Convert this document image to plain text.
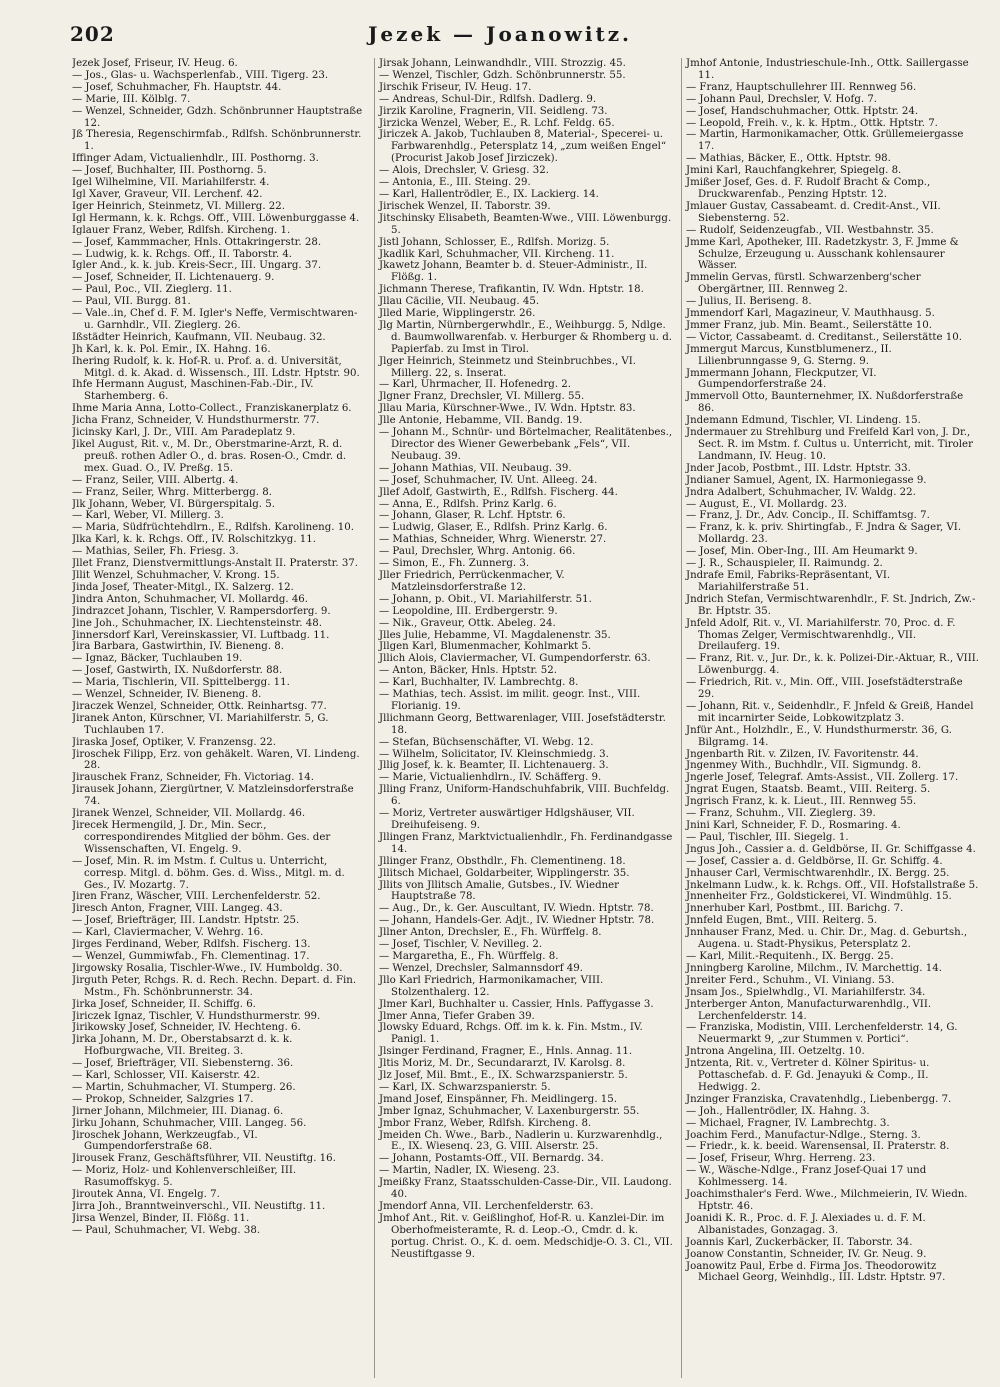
202	Jezek — Joanowitz.

Jezek Josef, Friseur, IV. Heug. 6.

— Jos., Glas- u. Wachsperlenfab., VIII. Tigerg. 23.

— Josef, Schuhmacher, Fh. Hauptstr. 44.

— Marie, III. Kölblg. 7.

— Wenzel, Schneider, Gdzh. Schönbrunner Hauptstraße 12.

Jß Theresia, Regenschirmfab., Rdlfsh. Schönbrunnerstr. 1.

Iffinger Adam, Victualienhdlr., III. Posthorng. 3.

— Josef, Buchhalter, III. Posthorng. 5.

Igel Wilhelmine, VII. Mariahilferstr. 4.

Igl Xaver, Graveur, VII. Lerchenf. 42.

Iger Heinrich, Steinmetz, VI. Millerg. 22.

Igl Hermann, k. k. Rchgs. Off., VIII. Löwenburggasse 4.

Iglauer Franz, Weber, Rdlfsh. Kircheng. 1.

— Josef, Kammmacher, Hnls. Ottakringerstr. 28.

— Ludwig, k. k. Rchgs. Off., II. Taborstr. 4.

Igler And., k. k. jub. Kreis-Secr., III. Ungarg. 37.

— Josef, Schneider, II. Lichtenauerg. 9.

— Paul, P.oc., VII. Zieglerg. 11.

— Paul, VII. Burgg. 81.

— Vale..in, Chef d. F. M. Igler's Neffe, Vermischtwaren- u. Garnhdlr., VII. Zieglerg. 26.

Ißstädter Heinrich, Kaufmann, VII. Neubaug. 32.

Jh Karl, k. k. Pol. Emir., IX. Hahng. 16.

Ihering Rudolf, k. k. Hof-R. u. Prof. a. d. Universität, Mitgl. d. k. Akad. d. Wissensch., III. Ldstr. Hptstr. 90.

Ihfe Hermann August, Maschinen-Fab.-Dir., IV. Starhemberg. 6.

Ihme Maria Anna, Lotto-Collect., Franziskanerplatz 6.

Jicha Franz, Schneider, V. Hundsthurmerstr. 77.

Jicinsky Karl, J. Dr., VIII. Am Paradeplatz 9.

Jikel August, Rit. v., M. Dr., Oberstmarine-Arzt, R. d. preuß. rothen Adler O., d. bras. Rosen-O., Cmdr. d. mex. Guad. O., IV. Preßg. 15.

— Franz, Seiler, VIII. Albertg. 4.

— Franz, Seiler, Whrg. Mitterbergg. 8.

Jlk Johann, Weber, VI. Bürgerspitalg. 5.

— Karl, Weber, VI. Millerg. 3.

— Maria, Südfrüchtehdlrn., E., Rdlfsh. Karolineng. 10.

Jlka Karl, k. k. Rchgs. Off., IV. Rolschitzkyg. 11.

— Mathias, Seiler, Fh. Friesg. 3.

Jllet Franz, Dienstvermittlungs-Anstalt II. Praterstr. 37.

Jllit Wenzel, Schuhmacher, V. Krong. 15.

Jinda Josef, Theater-Mitgl., IX. Salzerg. 12.

Jindra Anton, Schuhmacher, VI. Mollardg. 46.

Jindrazcet Johann, Tischler, V. Rampersdorferg. 9.

Jine Joh., Schuhmacher, IX. Liechtensteinstr. 48.

Jinnersdorf Karl, Vereinskassier, VI. Luftbadg. 11.

Jira Barbara, Gastwirthin, IV. Bieneng. 8.

— Ignaz, Bäcker, Tuchlauben 19.

— Josef, Gastwirth, IX. Nußdorferstr. 88.

— Maria, Tischlerin, VII. Spittelbergg. 11.

— Wenzel, Schneider, IV. Bieneng. 8.

Jiraczek Wenzel, Schneider, Ottk. Reinhartsg. 77.

Jiranek Anton, Kürschner, VI. Mariahilferstr. 5, G. Tuchlauben 17.

Jiraska Josef, Optiker, V. Franzensg. 22.

Jiroschek Filipp, Erz. von gehäkelt. Waren, VI. Lindeng. 28.

Jirauschek Franz, Schneider, Fh. Victoriag. 14.

Jirausek Johann, Ziergürtner, V. Matzleinsdorferstraße 74.

Jiranek Wenzel, Schneider, VII. Mollardg. 46.

Jirecek Hermengild, J. Dr., Min. Secr., correspondirendes Mitglied der böhm. Ges. der Wissenschaften, VI. Engelg. 9.

— Josef, Min. R. im Mstm. f. Cultus u. Unterricht, corresp. Mitgl. d. böhm. Ges. d. Wiss., Mitgl. m. d. Ges., IV. Mozartg. 7.

Jiren Franz, Wäscher, VIII. Lerchenfelderstr. 52.

Jiresch Anton, Fragner, VIII. Langeg. 43.

— Josef, Briefträger, III. Landstr. Hptstr. 25.

— Karl, Claviermacher, V. Wehrg. 16.

Jirges Ferdinand, Weber, Rdlfsh. Fischerg. 13.

— Wenzel, Gummiwfab., Fh. Clementinag. 17.

Jirgowsky Rosalia, Tischler-Wwe., IV. Humboldg. 30.

Jirguth Peter, Rchgs. R. d. Rech. Rechn. Depart. d. Fin. Mstm., Fh. Schönbrunnerstr. 34.

Jirka Josef, Schneider, II. Schiffg. 6.

Jiriczek Ignaz, Tischler, V. Hundsthurmerstr. 99.

Jirikowsky Josef, Schneider, IV. Hechteng. 6.

Jirka Johann, M. Dr., Oberstabsarzt d. k. k. Hofburgwache, VII. Breiteg. 3.

— Josef, Briefträger, VII. Siebensterng. 36.

— Karl, Schlosser, VII. Kaiserstr. 42.

— Martin, Schuhmacher, VI. Stumperg. 26.

— Prokop, Schneider, Salzgries 17.

Jirner Johann, Milchmeier, III. Dianag. 6.

Jirku Johann, Schuhmacher, VIII. Langeg. 56.

Jiroschek Johann, Werkzeugfab., VI. Gumpendorferstraße 68.

Jirousek Franz, Geschäftsführer, VII. Neustiftg. 16.

— Moriz, Holz- und Kohlenverschleißer, III. Rasumoffskyg. 5.

Jiroutek Anna, VI. Engelg. 7.

Jirra Joh., Branntweinverschl., VII. Neustiftg. 11.

Jirsa Wenzel, Binder, II. Flößg. 11.

— Paul, Schuhmacher, VI. Webg. 38.

Jirsak Johann, Leinwandhdlr., VIII. Strozzig. 45.

— Wenzel, Tischler, Gdzh. Schönbrunnerstr. 55.

Jirschik Friseur, IV. Heug. 17.

— Andreas, Schul-Dir., Rdlfsh. Dadlerg. 9.

Jirzik Karoline, Fragnerin, VII. Seidleng. 73.

Jirzicka Wenzel, Weber, E., R. Lchf. Feldg. 65.

Jiriczek A. Jakob, Tuchlauben 8, Material-, Specerei- u. Farbwarenhdlg., Petersplatz 14, „zum weißen Engel“ (Procurist Jakob Josef Jirziczek).

— Alois, Drechsler, V. Griesg. 32.

— Antonia, E., III. Steing. 29.

— Karl, Hallentrödler, E., IX. Lackierg. 14.

Jirischek Wenzel, II. Taborstr. 39.

Jitschinsky Elisabeth, Beamten-Wwe., VIII. Löwenburgg. 5.

Jistl Johann, Schlosser, E., Rdlfsh. Morizg. 5.

Jkadlik Karl, Schuhmacher, VII. Kircheng. 11.

Jkawetz Johann, Beamter b. d. Steuer-Administr., II. Flößg. 1.

Jichmann Therese, Trafikantin, IV. Wdn. Hptstr. 18.

Jllau Cäcilie, VII. Neubaug. 45.

Jlled Marie, Wipplingerstr. 26.

Jlg Martin, Nürnbergerwhdlr., E., Weihburgg. 5, Ndlge. d. Baumwollwarenfab. v. Herburger & Rhomberg u. d. Papierfab. zu Imst in Tirol.

Jlger Heinrich, Steinmetz und Steinbruchbes., VI. Millerg. 22, s. Inserat.

— Karl, Uhrmacher, II. Hofenedrg. 2.

Jlgner Franz, Drechsler, VI. Millerg. 55.

Jllau Maria, Kürschner-Wwe., IV. Wdn. Hptstr. 83.

Jlle Antonie, Hebamme, VII. Bandg. 19.

— Johann M., Schnür- und Börtelmacher, Realitätenbes., Director des Wiener Gewerbebank „Fels“, VII. Neubaug. 39.

— Johann Mathias, VII. Neubaug. 39.

— Josef, Schuhmacher, IV. Unt. Alleeg. 24.

Jllef Adolf, Gastwirth, E., Rdlfsh. Fischerg. 44.

— Anna, E., Rdlfsh. Prinz Karlg. 6.

— Johann, Glaser, R. Lchf. Hptstr. 6.

— Ludwig, Glaser, E., Rdlfsh. Prinz Karlg. 6.

— Mathias, Schneider, Whrg. Wienerstr. 27.

— Paul, Drechsler, Whrg. Antonig. 66.

— Simon, E., Fh. Zunnerg. 3.

Jller Friedrich, Perrückenmacher, V. Matzleinsdorferstraße 12.

— Johann, p. Obit., VI. Mariahilferstr. 51.

— Leopoldine, III. Erdbergerstr. 9.

— Nik., Graveur, Ottk. Abeleg. 24.

Jlles Julie, Hebamme, VI. Magdalenenstr. 35.

Jllgen Karl, Blumenmacher, Kohlmarkt 5.

Jllich Alois, Claviermacher, VI. Gumpendorferstr. 63.

— Anton, Bäcker, Hnls. Hptstr. 52.

— Karl, Buchhalter, IV. Lambrechtg. 8.

— Mathias, tech. Assist. im milit. geogr. Inst., VIII. Florianig. 19.

Jllichmann Georg, Bettwarenlager, VIII. Josefstädterstr. 18.

— Stefan, Büchsenschäfter, VI. Webg. 12.

— Wilhelm, Solicitator, IV. Kleinschmiedg. 3.

Jllig Josef, k. k. Beamter, II. Lichtenauerg. 3.

— Marie, Victualienhdlrn., IV. Schäfferg. 9.

Jlling Franz, Uniform-Handschuhfabrik, VIII. Buchfeldg. 6.

— Moriz, Vertreter auswärtiger Hdlgshäuser, VII. Dreihufeiseng. 9.

Jllingen Franz, Marktvictualienhdlr., Fh. Ferdinandgasse 14.

Jllinger Franz, Obsthdlr., Fh. Clementineng. 18.

Jllitsch Michael, Goldarbeiter, Wipplingerstr. 35.

Jllits von Jllitsch Amalie, Gutsbes., IV. Wiedner Hauptstraße 78.

— Aug., Dr., k. Ger. Auscultant, IV. Wiedn. Hptstr. 78.

— Johann, Handels-Ger. Adjt., IV. Wiedner Hptstr. 78.

Jllner Anton, Drechsler, E., Fh. Würffelg. 8.

— Josef, Tischler, V. Nevilleg. 2.

— Margaretha, E., Fh. Würffelg. 8.

— Wenzel, Drechsler, Salmannsdorf 49.

Jllo Karl Friedrich, Harmonikamacher, VIII. Stolzenthalerg. 12.

Jlmer Karl, Buchhalter u. Cassier, Hnls. Paffygasse 3.

Jlmer Anna, Tiefer Graben 39.

Jlowsky Eduard, Rchgs. Off. im k. k. Fin. Mstm., IV. Panigl. 1.

Jlsinger Ferdinand, Fragner, E., Hnls. Annag. 11.

Jltis Moriz, M. Dr., Secundararzt, IV. Karolsg. 8.

Jlz Josef, Mil. Bmt., E., IX. Schwarzspanierstr. 5.

— Karl, IX. Schwarzspanierstr. 5.

Jmand Josef, Einspänner, Fh. Meidlingerg. 15.

Jmber Ignaz, Schuhmacher, V. Laxenburgerstr. 55.

Jmbor Franz, Weber, Rdlfsh. Kircheng. 8.

Jmeiden Ch. Wwe., Barb., Nadlerin u. Kurzwarenhdlg., E., IX. Wiesenq. 23, G. VIII. Alserstr. 25.

— Johann, Postamts-Off., VII. Bernardg. 34.

— Martin, Nadler, IX. Wieseng. 23.

Jmeißky Franz, Staatsschulden-Casse-Dir., VII. Laudong. 40.

Jmendorf Anna, VII. Lerchenfelderstr. 63.

Jmhof Ant., Rit. v. Geißlinghof, Hof-R. u. Kanzlei-Dir. im Oberhofmeisteramte, R. d. Leop.-O., Cmdr. d. k. portug. Christ. O., K. d. oem. Medschidje-O. 3. Cl., VII. Neustiftgasse 9.

Jmhof Antonie, Industrieschule-Inh., Ottk. Saillergasse 11.

— Franz, Hauptschullehrer III. Rennweg 56.

— Johann Paul, Drechsler, V. Hofg. 7.

— Josef, Handschuhmacher, Ottk. Hptstr. 24.

— Leopold, Freih. v., k. k. Hptm., Ottk. Hptstr. 7.

— Martin, Harmonikamacher, Ottk. Grüllemeiergasse 17.

— Mathias, Bäcker, E., Ottk. Hptstr. 98.

Jmini Karl, Rauchfangkehrer, Spiegelg. 8.

Jmißer Josef, Ges. d. F. Rudolf Bracht & Comp., Druckwarenfab., Penzing Hptstr. 12.

Jmlauer Gustav, Cassabeamt. d. Credit-Anst., VII. Siebensterng. 52.

— Rudolf, Seidenzeugfab., VII. Westbahnstr. 35.

Jmme Karl, Apotheker, III. Radetzkystr. 3, F. Jmme & Schulze, Erzeugung u. Ausschank kohlensaurer Wässer.

Jmmelin Gervas, fürstl. Schwarzenberg'scher Obergärtner, III. Rennweg 2.

— Julius, II. Beriseng. 8.

Jmmendorf Karl, Magazineur, V. Mauthhausg. 5.

Jmmer Franz, jub. Min. Beamt., Seilerstätte 10.

— Victor, Cassabeamt. d. Creditanst., Seilerstätte 10.

Jmmergut Marcus, Kunstblumenerz., II. Lilienbrunngasse 9, G. Sterng. 9.

Jmmermann Johann, Fleckputzer, VI. Gumpendorferstraße 24.

Jmmervoll Otto, Baunternehmer, IX. Nußdorferstraße 86.

Jndemann Edmund, Tischler, VI. Lindeng. 15.

Jndermauer zu Strehlburg und Freifeld Karl von, J. Dr., Sect. R. im Mstm. f. Cultus u. Unterricht, mit. Tiroler Landmann, IV. Heug. 10.

Jnder Jacob, Postbmt., III. Ldstr. Hptstr. 33.

Jndianer Samuel, Agent, IX. Harmoniegasse 9.

Jndra Adalbert, Schuhmacher, IV. Waldg. 22.

— August, E., VI. Mollardg. 23.

— Franz, J. Dr., Adv. Concip., II. Schiffamtsg. 7.

— Franz, k. k. priv. Shirtingfab., F. Jndra & Sager, VI. Mollardg. 23.

— Josef, Min. Ober-Ing., III. Am Heumarkt 9.

— J. R., Schauspieler, II. Raimundg. 2.

Jndrafe Emil, Fabriks-Repräsentant, VI. Mariahilferstraße 51.

Jndrich Stefan, Vermischtwarenhdlr., F. St. Jndrich, Zw.-Br. Hptstr. 35.

Jnfeld Adolf, Rit. v., VI. Mariahilferstr. 70, Proc. d. F. Thomas Zelger, Vermischtwarenhdlg., VII. Dreilauferg. 19.

— Franz, Rit. v., Jur. Dr., k. k. Polizei-Dir.-Aktuar, R., VIII. Löwenburgg. 4.

— Friedrich, Rit. v., Min. Off., VIII. Josefstädterstraße 29.

— Johann, Rit. v., Seidenhdlr., F. Jnfeld & Greiß, Handel mit incarnirter Seide, Lobkowitzplatz 3.

Jnfür Ant., Holzhdlr., E., V. Hundsthurmerstr. 36, G. Bilgramg. 14.

Jngenbarth Rit. v. Zilzen, IV. Favoritenstr. 44.

Jngenmey With., Buchhdlr., VII. Sigmundg. 8.

Jngerle Josef, Telegraf. Amts-Assist., VII. Zollerg. 17.

Jngrat Eugen, Staatsb. Beamt., VIII. Reiterg. 5.

Jngrisch Franz, k. k. Lieut., III. Rennweg 55.

— Franz, Schuhm., VII. Zieglerg. 39.

Jnini Karl, Schneider, F. D., Rosmaring. 4.

— Paul, Tischler, III. Siegelg. 1.

Jngus Joh., Cassier a. d. Geldbörse, II. Gr. Schiffgasse 4.

— Josef, Cassier a. d. Geldbörse, II. Gr. Schiffg. 4.

Jnhauser Carl, Vermischtwarenhdlr., IX. Bergg. 25.

Jnkelmann Ludw., k. k. Rchgs. Off., VII. Hofstallstraße 5.

Jnnenheiter Frz., Goldstickerei, VI. Windmühlg. 15.

Jnnerhuber Karl, Postbmt., III. Barichg. 7.

Jnnfeld Eugen, Bmt., VIII. Reiterg. 5.

Jnnhauser Franz, Med. u. Chir. Dr., Mag. d. Geburtsh., Augena. u. Stadt-Physikus, Petersplatz 2.

— Karl, Milit.-Requitenh., IX. Bergg. 25.

Jnningberg Karoline, Milchm., IV. Marchettig. 14.

Jnreiter Ferd., Schuhm., VI. Viniang. 53.

Jnsam Jos., Spielwhdlg., VI. Mariahilferstr. 34.

Jnterberger Anton, Manufacturwarenhdlg., VII. Lerchenfelderstr. 14.

— Franziska, Modistin, VIII. Lerchenfelderstr. 14, G. Neuermarkt 9, „zur Stummen v. Portici“.

Jntrona Angelina, III. Oetzeltg. 10.

Jntzenta, Rit. v., Vertreter d. Kölner Spiritus- u. Pottaschefab. d. F. Gd. Jenayuki & Comp., II. Hedwigg. 2.

Jnzinger Franziska, Cravatenhdlg., Liebenbergg. 7.

— Joh., Hallentrödler, IX. Hahng. 3.

— Michael, Fragner, IV. Lambrechtg. 3.

Joachim Ferd., Manufactur-Ndlge., Sterng. 3.

— Friedr., k. k. beeid. Warensensal, II. Praterstr. 8.

— Josef, Friseur, Whrg. Herreng. 23.

— W., Wäsche-Ndlge., Franz Josef-Quai 17 und Kohlmesserg. 14.

Joachimsthaler's Ferd. Wwe., Milchmeierin, IV. Wiedn. Hptstr. 46.

Joanidi K. R., Proc. d. F. J. Alexiades u. d. F. M. Albanistades, Gonzagag. 3.

Joannis Karl, Zuckerbäcker, II. Taborstr. 34.

Joanow Constantin, Schneider, IV. Gr. Neug. 9.

Joanowitz Paul, Erbe d. Firma Jos. Theodorowitz Michael Georg, Weinhdlg., III. Ldstr. Hptstr. 97.
